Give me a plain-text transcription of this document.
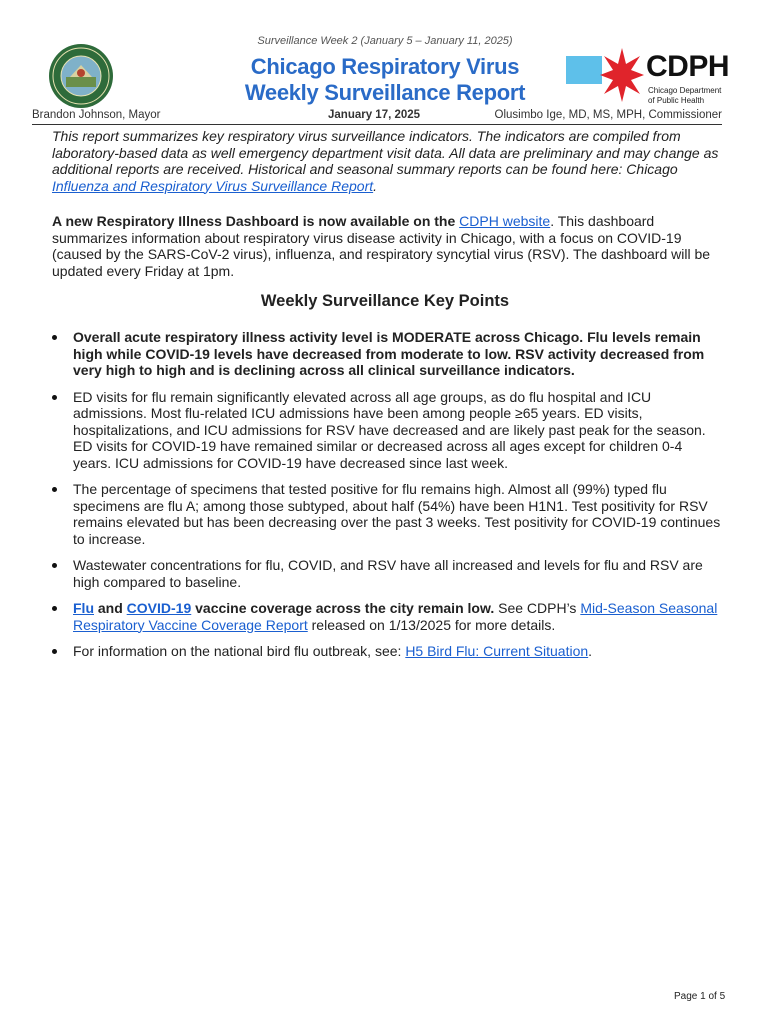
Surveillance Week 2 (January 5 – January 11, 2025)
Chicago Respiratory Virus
Weekly Surveillance Report
CDPH
Chicago Department
of Public Health
Brandon Johnson, Mayor	January 17, 2025	Olusimbo Ige, MD, MS, MPH, Commissioner
This report summarizes key respiratory virus surveillance indicators. The indicators are compiled from laboratory-based data as well emergency department visit data. All data are preliminary and may change as additional reports are received. Historical and seasonal summary reports can be found here: Chicago Influenza and Respiratory Virus Surveillance Report.
A new Respiratory Illness Dashboard is now available on the CDPH website. This dashboard summarizes information about respiratory virus disease activity in Chicago, with a focus on COVID-19 (caused by the SARS-CoV-2 virus), influenza, and respiratory syncytial virus (RSV). The dashboard will be updated every Friday at 1pm.
Weekly Surveillance Key Points
Overall acute respiratory illness activity level is MODERATE across Chicago. Flu levels remain high while COVID-19 levels have decreased from moderate to low. RSV activity decreased from very high to high and is declining across all clinical surveillance indicators.
ED visits for flu remain significantly elevated across all age groups, as do flu hospital and ICU admissions. Most flu-related ICU admissions have been among people ≥65 years. ED visits, hospitalizations, and ICU admissions for RSV have decreased and are likely past peak for the season. ED visits for COVID-19 have remained similar or decreased across all ages except for children 0-4 years. ICU admissions for COVID-19 have decreased since last week.
The percentage of specimens that tested positive for flu remains high. Almost all (99%) typed flu specimens are flu A; among those subtyped, about half (54%) have been H1N1. Test positivity for RSV remains elevated but has been decreasing over the past 3 weeks. Test positivity for COVID-19 continues to increase.
Wastewater concentrations for flu, COVID, and RSV have all increased and levels for flu and RSV are high compared to baseline.
Flu and COVID-19 vaccine coverage across the city remain low. See CDPH’s Mid-Season Seasonal Respiratory Vaccine Coverage Report released on 1/13/2025 for more details.
For information on the national bird flu outbreak, see: H5 Bird Flu: Current Situation.
Page 1 of 5
